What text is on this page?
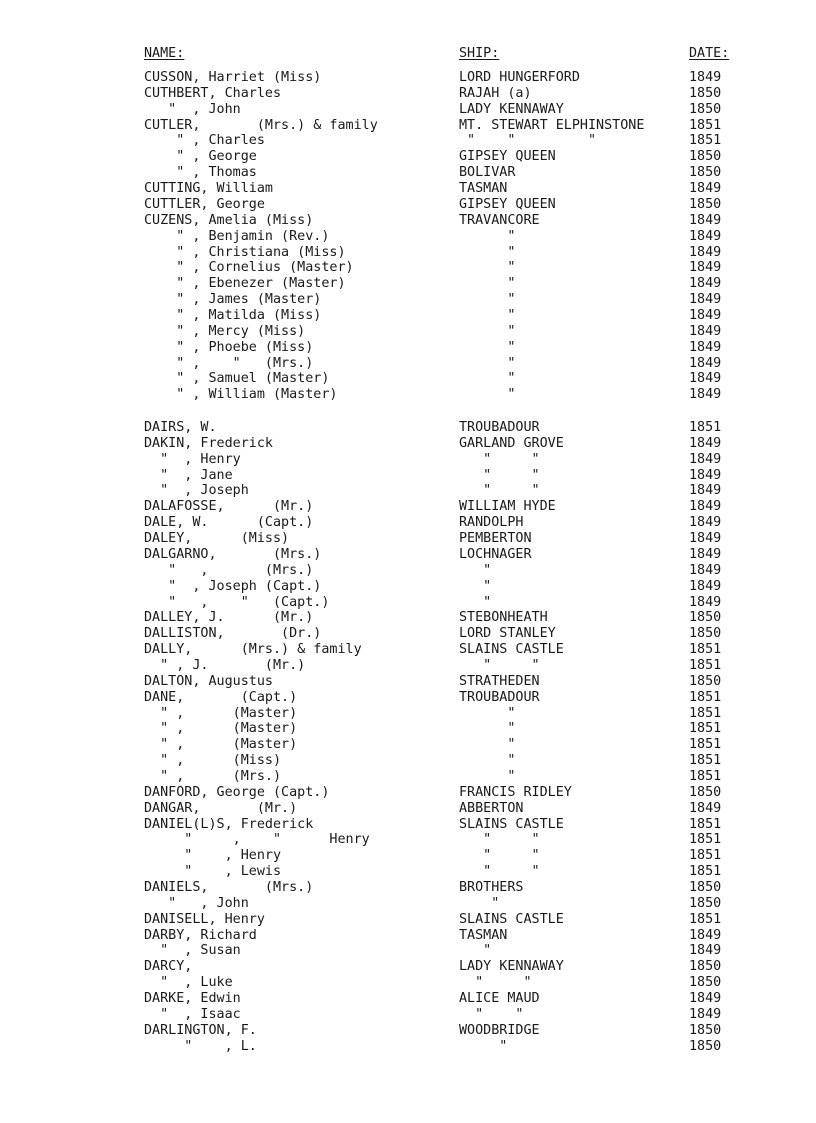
NAME:	SHIP:	DATE:
CUSSON, Harriet (Miss)	LORD HUNGERFORD	1849
CUTHBERT, Charles	RAJAH (a)	1850
"  , John	LADY KENNAWAY	1850
CUTLER,       (Mrs.) & family	MT. STEWART ELPHINSTONE	1851
" , Charles	"    "         "	1851
" , George	GIPSEY QUEEN	1850
" , Thomas	BOLIVAR	1850
CUTTING, William	TASMAN	1849
CUTTLER, George	GIPSEY QUEEN	1850
CUZENS, Amelia (Miss)	TRAVANCORE	1849
" , Benjamin (Rev.)	"	1849
" , Christiana (Miss)	"	1849
" , Cornelius (Master)	"	1849
" , Ebenezer (Master)	"	1849
" , James (Master)	"	1849
" , Matilda (Miss)	"	1849
" , Mercy (Miss)	"	1849
" , Phoebe (Miss)	"	1849
" ,    "   (Mrs.)	"	1849
" , Samuel (Master)	"	1849
" , William (Master)	"	1849
DAIRS, W.	TROUBADOUR	1851
DAKIN, Frederick	GARLAND GROVE	1849
"  , Henry	"     "	1849
"  , Jane	"     "	1849
"  , Joseph	"     "	1849
DALAFOSSE,      (Mr.)	WILLIAM HYDE	1849
DALE, W.      (Capt.)	RANDOLPH	1849
DALEY,      (Miss)	PEMBERTON	1849
DALGARNO,       (Mrs.)	LOCHNAGER	1849
"   ,       (Mrs.)	"	1849
"  , Joseph (Capt.)	"	1849
"   ,    "   (Capt.)	"	1849
DALLEY, J.      (Mr.)	STEBONHEATH	1850
DALLISTON,       (Dr.)	LORD STANLEY	1850
DALLY,      (Mrs.) & family	SLAINS CASTLE	1851
" , J.       (Mr.)	"     "	1851
DALTON, Augustus	STRATHEDEN	1850
DANE,       (Capt.)	TROUBADOUR	1851
" ,      (Master)	"	1851
" ,      (Master)	"	1851
" ,      (Master)	"	1851
" ,      (Miss)	"	1851
" ,      (Mrs.)	"	1851
DANFORD, George (Capt.)	FRANCIS RIDLEY	1850
DANGAR,       (Mr.)	ABBERTON	1849
DANIEL(L)S, Frederick	SLAINS CASTLE	1851
"     ,    "      Henry	"     "	1851
"    , Henry	"     "	1851
"    , Lewis	"     "	1851
DANIELS,       (Mrs.)	BROTHERS	1850
"   , John	"	1850
DANISELL, Henry	SLAINS CASTLE	1851
DARBY, Richard	TASMAN	1849
"  , Susan	"	1849
DARCY,	LADY KENNAWAY	1850
"  , Luke	"     "	1850
DARKE, Edwin	ALICE MAUD	1849
"  , Isaac	"    "	1849
DARLINGTON, F.	WOODBRIDGE	1850
"    , L.	"	1850
